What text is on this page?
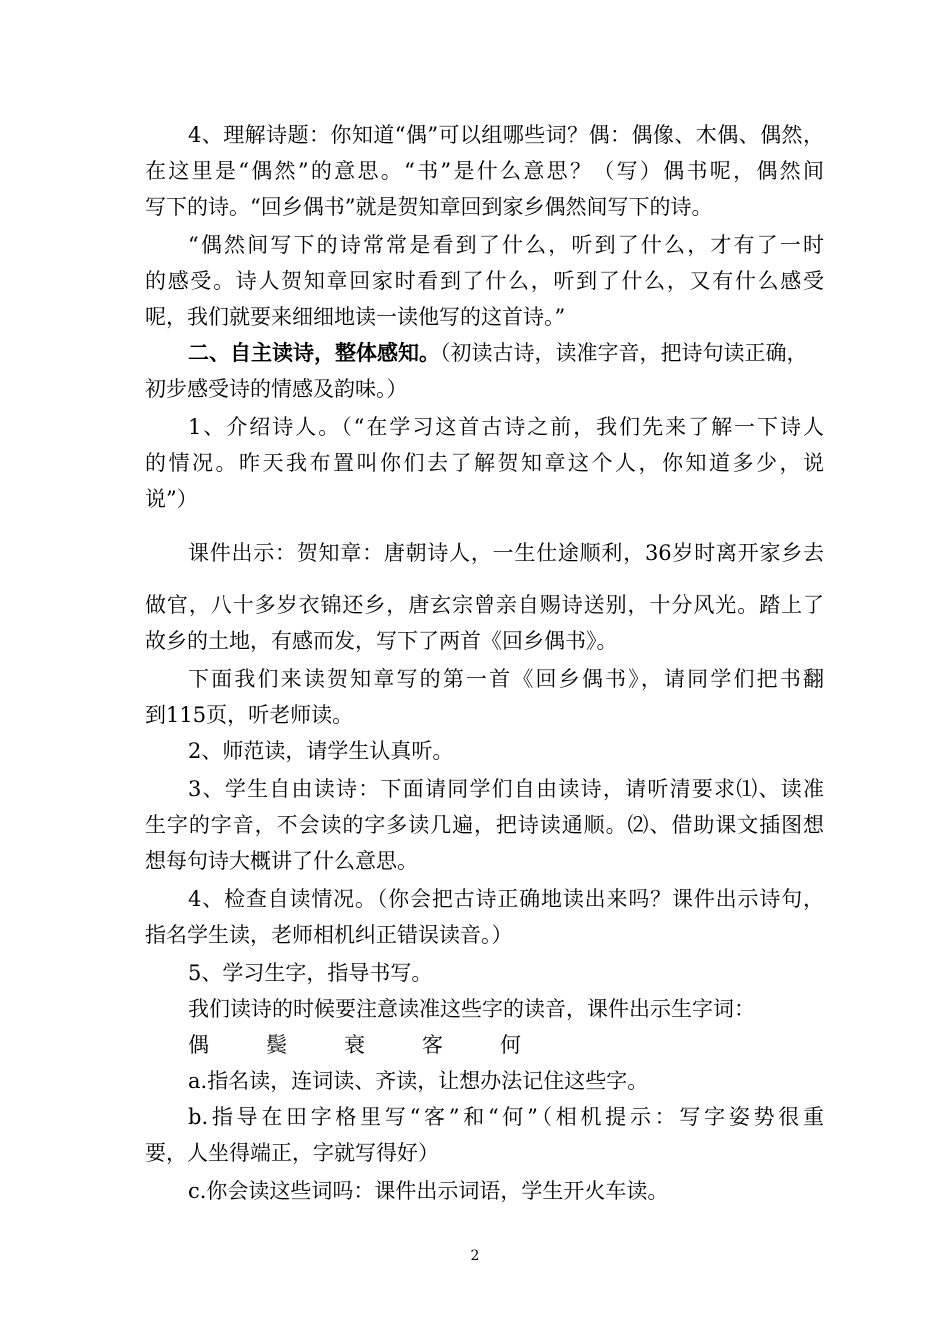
4、理解诗题：你知道“偶”可以组哪些词？偶：偶像、木偶、偶然，
在这里是“偶然”的意思。“书”是什么意思？（写）偶书呢，偶然间
写下的诗。“回乡偶书”就是贺知章回到家乡偶然间写下的诗。
“偶然间写下的诗常常是看到了什么，听到了什么，才有了一时
的感受。诗人贺知章回家时看到了什么，听到了什么，又有什么感受
呢，我们就要来细细地读一读他写的这首诗。”
二、自主读诗，整体感知。（初读古诗，读准字音，把诗句读正确，
初步感受诗的情感及韵味。）
1、介绍诗人。（“在学习这首古诗之前，我们先来了解一下诗人
的情况。昨天我布置叫你们去了解贺知章这个人，你知道多少，说
说”）
课件出示：贺知章：唐朝诗人，一生仕途顺利，36岁时离开家乡去
做官，八十多岁衣锦还乡，唐玄宗曾亲自赐诗送别，十分风光。踏上了
故乡的土地，有感而发，写下了两首《回乡偶书》。
下面我们来读贺知章写的第一首《回乡偶书》，请同学们把书翻
到115页，听老师读。
2、师范读，请学生认真听。
3、学生自由读诗：下面请同学们自由读诗，请听清要求⑴、读准
生字的字音，不会读的字多读几遍，把诗读通顺。⑵、借助课文插图想
想每句诗大概讲了什么意思。
4、检查自读情况。（你会把古诗正确地读出来吗？课件出示诗句，
指名学生读，老师相机纠正错误读音。）
5、学习生字，指导书写。
我们读诗的时候要注意读准这些字的读音，课件出示生字词：
偶	鬓	衰	客	何
a.指名读，连词读、齐读，让想办法记住这些字。
b.指导在田字格里写“客”和“何”（相机提示：写字姿势很重
要，人坐得端正，字就写得好）
c.你会读这些词吗：课件出示词语，学生开火车读。
2
